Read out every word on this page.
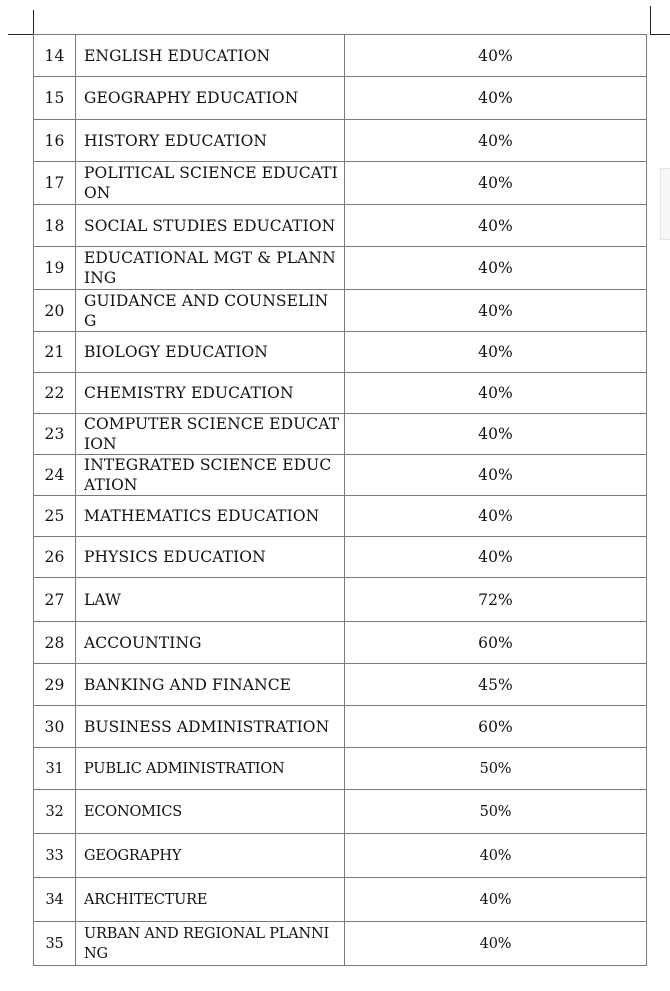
14	ENGLISH EDUCATION	40%
15	GEOGRAPHY EDUCATION	40%
16	HISTORY EDUCATION	40%
17	POLITICAL SCIENCE EDUCATION	40%
18	SOCIAL STUDIES EDUCATION	40%
19	EDUCATIONAL MGT & PLANNING	40%
20	GUIDANCE AND COUNSELING	40%
21	BIOLOGY EDUCATION	40%
22	CHEMISTRY EDUCATION	40%
23	COMPUTER SCIENCE EDUCATION	40%
24	INTEGRATED SCIENCE EDUCATION	40%
25	MATHEMATICS EDUCATION	40%
26	PHYSICS EDUCATION	40%
27	LAW	72%
28	ACCOUNTING	60%
29	BANKING AND FINANCE	45%
30	BUSINESS ADMINISTRATION	60%
31	PUBLIC ADMINISTRATION	50%
32	ECONOMICS	50%
33	GEOGRAPHY	40%
34	ARCHITECTURE	40%
35	URBAN AND REGIONAL PLANNING	40%
